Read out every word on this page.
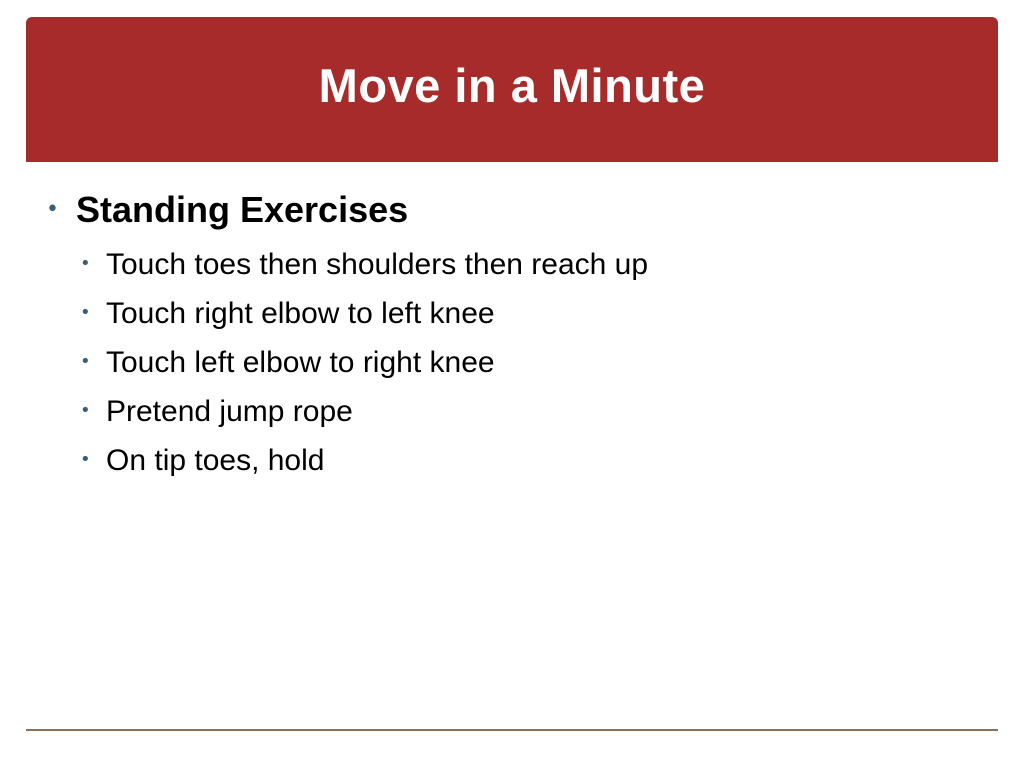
Move in a Minute
• Standing Exercises
• Touch toes then shoulders then reach up
• Touch right elbow to left knee
• Touch left elbow to right knee
• Pretend jump rope
• On tip toes, hold
